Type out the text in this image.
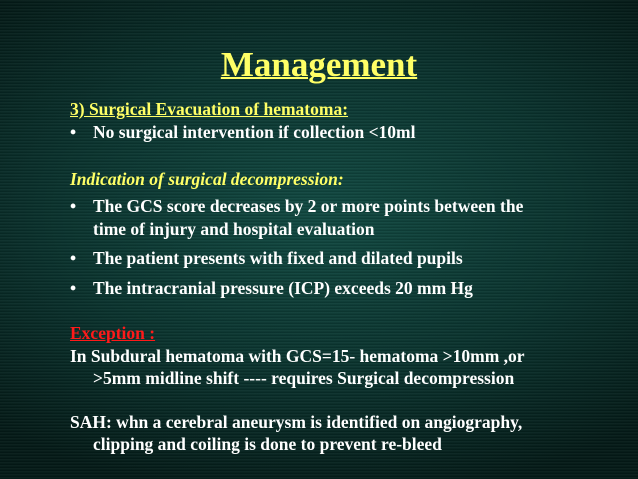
Management
3) Surgical Evacuation of hematoma:
• No surgical intervention if collection <10ml
Indication of surgical decompression:
• The GCS score decreases by 2 or more points between the
time of injury and hospital evaluation
• The patient presents with fixed and dilated pupils
• The intracranial pressure (ICP) exceeds 20 mm Hg
Exception :
In Subdural hematoma with GCS=15- hematoma >10mm ,or
>5mm midline shift ---- requires Surgical decompression
SAH: whn a cerebral aneurysm is identified on angiography,
clipping and coiling is done to prevent re-bleed
